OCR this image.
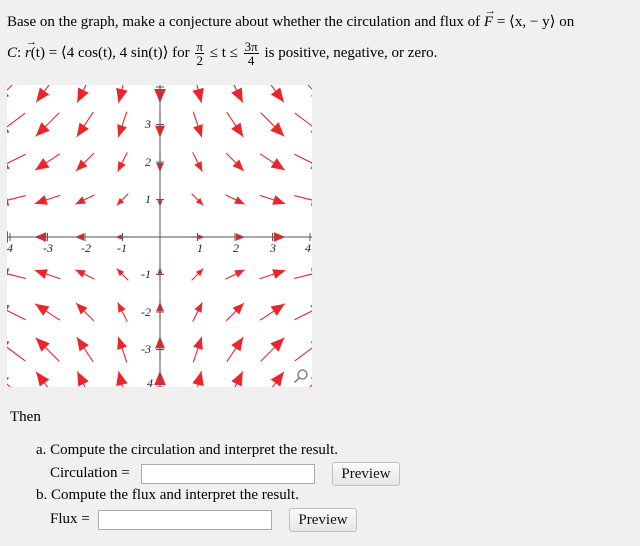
Base on the graph, make a conjecture about whether the circulation and flux of
→
F = ⟨x, − y⟩ on
C:
→
r(t) = ⟨4 cos(t), 4 sin(t)⟩ for $\frac{\pi}{2} \le t \le \frac{3\pi}{4}$ is positive, negative, or zero.
4	-3 -2 -1	1	2	3 4
3
2
1
-1
-2
-3
4
Then
a. Compute the circulation and interpret the result.
Circulation =	Preview
b. Compute the flux and interpret the result.
Flux =	Preview
